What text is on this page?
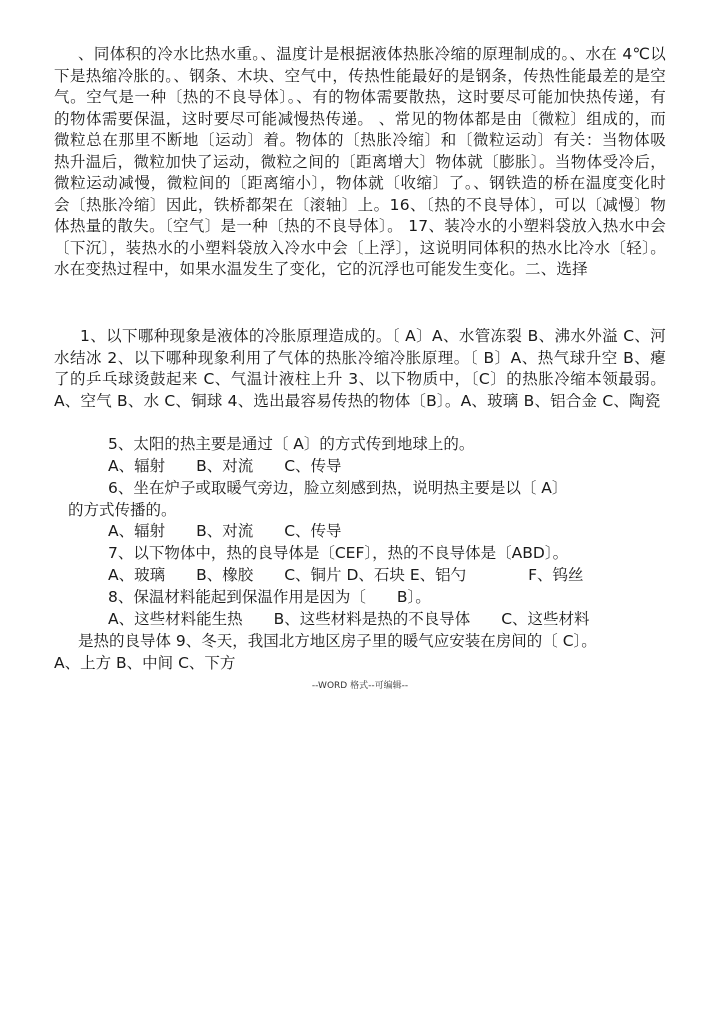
、同体积的冷水比热水重。、温度计是根据液体热胀冷缩的原理制成的。、水在 4℃以下是热缩冷胀的。、钢条、木块、空气中，传热性能最好的是钢条，传热性能最差的是空气。空气是一种〔热的不良导体〕。、有的物体需要散热，这时要尽可能加快热传递，有的物体需要保温，这时要尽可能减慢热传递。 、常见的物体都是由〔微粒〕组成的，而微粒总在那里不断地〔运动〕着。物体的〔热胀冷缩〕和〔微粒运动〕有关：当物体吸热升温后，微粒加快了运动，微粒之间的〔距离增大〕物体就〔膨胀〕。当物体受冷后，微粒运动减慢，微粒间的〔距离缩小〕，物体就〔收缩〕了。、钢铁造的桥在温度变化时会〔热胀冷缩〕因此，铁桥都架在〔滚轴〕上。16、〔热的不良导体〕，可以〔减慢〕物体热量的散失。〔空气〕是一种〔热的不良导体〕。 17、装冷水的小塑料袋放入热水中会〔下沉〕，装热水的小塑料袋放入冷水中会〔上浮〕，这说明同体积的热水比冷水〔轻〕。水在变热过程中，如果水温发生了变化，它的沉浮也可能发生变化。二、选择
1、以下哪种现象是液体的冷胀原理造成的。〔 A〕A、水管冻裂 B、沸水外溢 C、河水结冰 2、以下哪种现象利用了气体的热胀冷缩冷胀原理。〔 B〕A、热气球升空 B、瘪了的乒乓球烫鼓起来 C、气温计液柱上升 3、以下物质中，〔C〕的热胀冷缩本领最弱。A、空气 B、水 C、铜球 4、选出最容易传热的物体〔B〕。A、玻璃 B、铝合金 C、陶瓷
5、太阳的热主要是通过〔 A〕的方式传到地球上的。
A、辐射　　B、对流　　C、传导
6、坐在炉子或取暖气旁边，脸立刻感到热，说明热主要是以〔 A〕
的方式传播的。
A、辐射　　B、对流　　C、传导
7、以下物体中，热的良导体是〔CEF〕，热的不良导体是〔ABD〕。
A、玻璃　　B、橡胶　　C、铜片 D、石块 E、铝勺　　　　F、钨丝
8、保温材料能起到保温作用是因为〔　　B〕。
A、这些材料能生热　　B、这些材料是热的不良导体　　C、这些材料
是热的良导体 9、冬天，我国北方地区房子里的暖气应安装在房间的〔 C〕。
A、上方 B、中间 C、下方
--WORD 格式--可编辑--
